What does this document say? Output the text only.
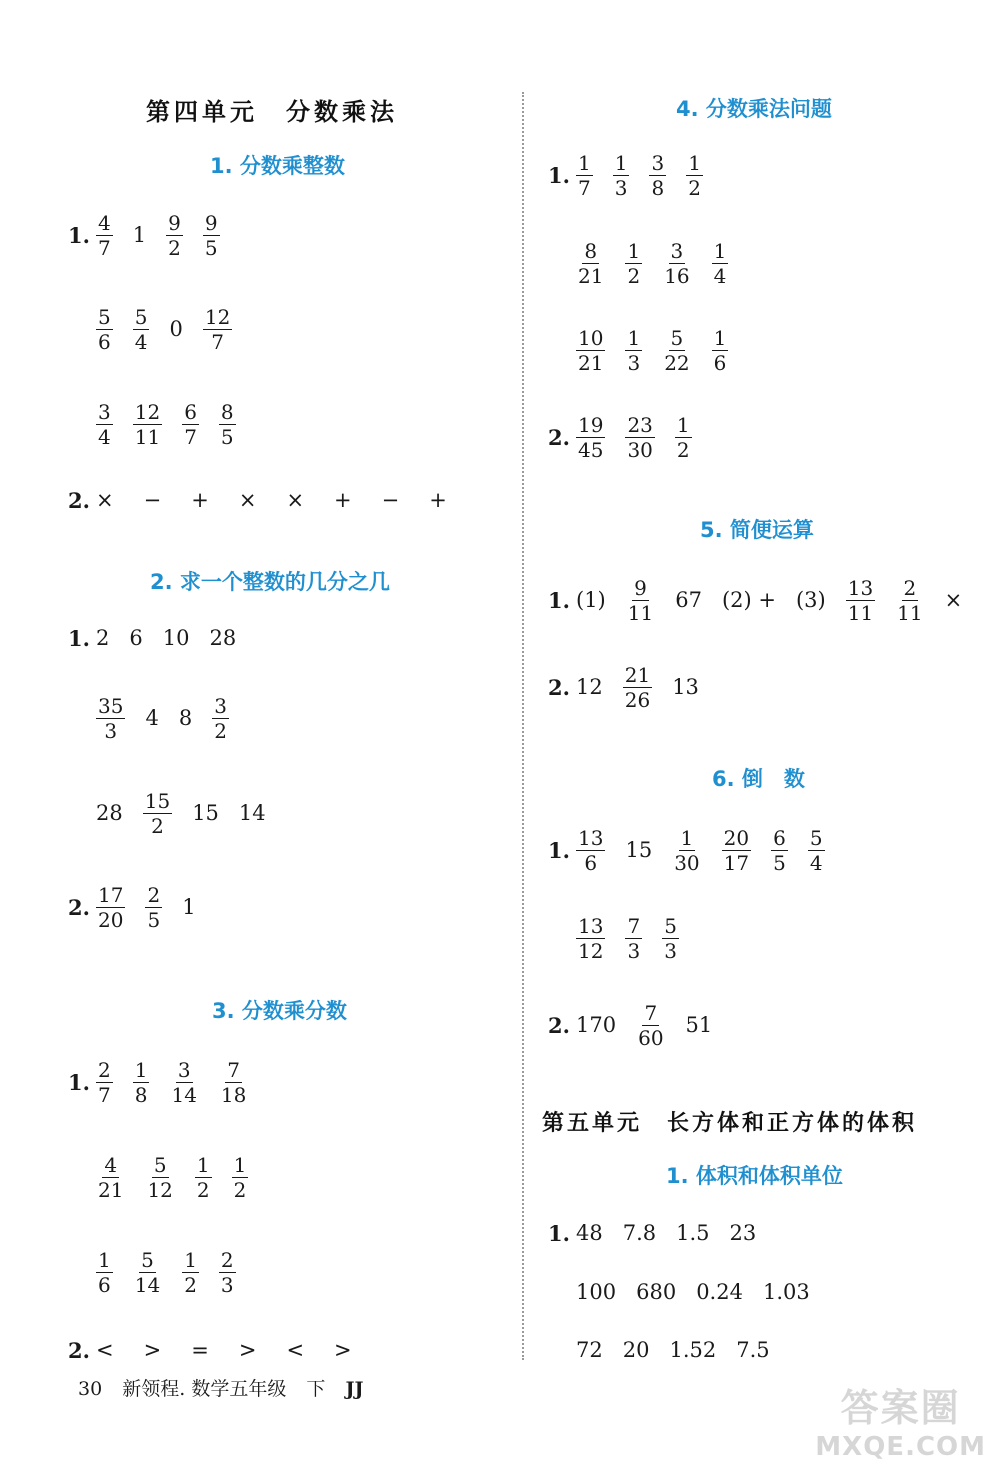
第四单元　分数乘法
1. 分数乘整数
1. $\frac{4}{7} 1 \frac{9}{2} \frac{9}{5}$
$\frac{5}{6} \frac{5}{4} 0 \frac{12}{7}$
$\frac{3}{4} \frac{12}{11} \frac{6}{7} \frac{8}{5}$
2. × − + × × + − +
2. 求一个整数的几分之几
1. 2 6 10 28
$\frac{35}{3} 4$ $8 \frac{3}{2}$
$28 \frac{15}{2} 15$ 14
2. $\frac{17}{20} \frac{2}{5} 1$
3. 分数乘分数
1. $\frac{2}{7} \frac{1}{8} \frac{3}{14} \frac{7}{18}$
$\frac{4}{21} \frac{5}{12} \frac{1}{2} \frac{1}{2}$
$\frac{1}{6} \frac{5}{14} \frac{1}{2} \frac{2}{3}$
2. < > = > < >
4. 分数乘法问题
1. $\frac{1}{7} \frac{1}{3} \frac{3}{8} \frac{1}{2}$
$\frac{8}{21} \frac{1}{2} \frac{3}{16} \frac{1}{4}$
$\frac{10}{21} \frac{1}{3} \frac{5}{22} \frac{1}{6}$
2. $\frac{19}{45} \frac{23}{30} \frac{1}{2}$
5. 简便运算
1. $(1) \frac{9}{11} 67$ $(2) + (3) \frac{13}{11} \frac{2}{11}$ ×
2. $12 \frac{21}{26} 13$
6. 倒　数
1. $\frac{13}{6} 15 \frac{1}{30} \frac{20}{17} \frac{6}{5} \frac{5}{4}$
$\frac{13}{12} \frac{7}{3} \frac{5}{3}$
2. $170 \frac{7}{60} 51$
第五单元　长方体和正方体的体积
1. 体积和体积单位
1. 48 7.8 1.5 23
100 680 0.24 1.03
72 20 1.52 7.5
30 新领程. 数学五年级 下 JJ	答案圈
MXQE.COM
